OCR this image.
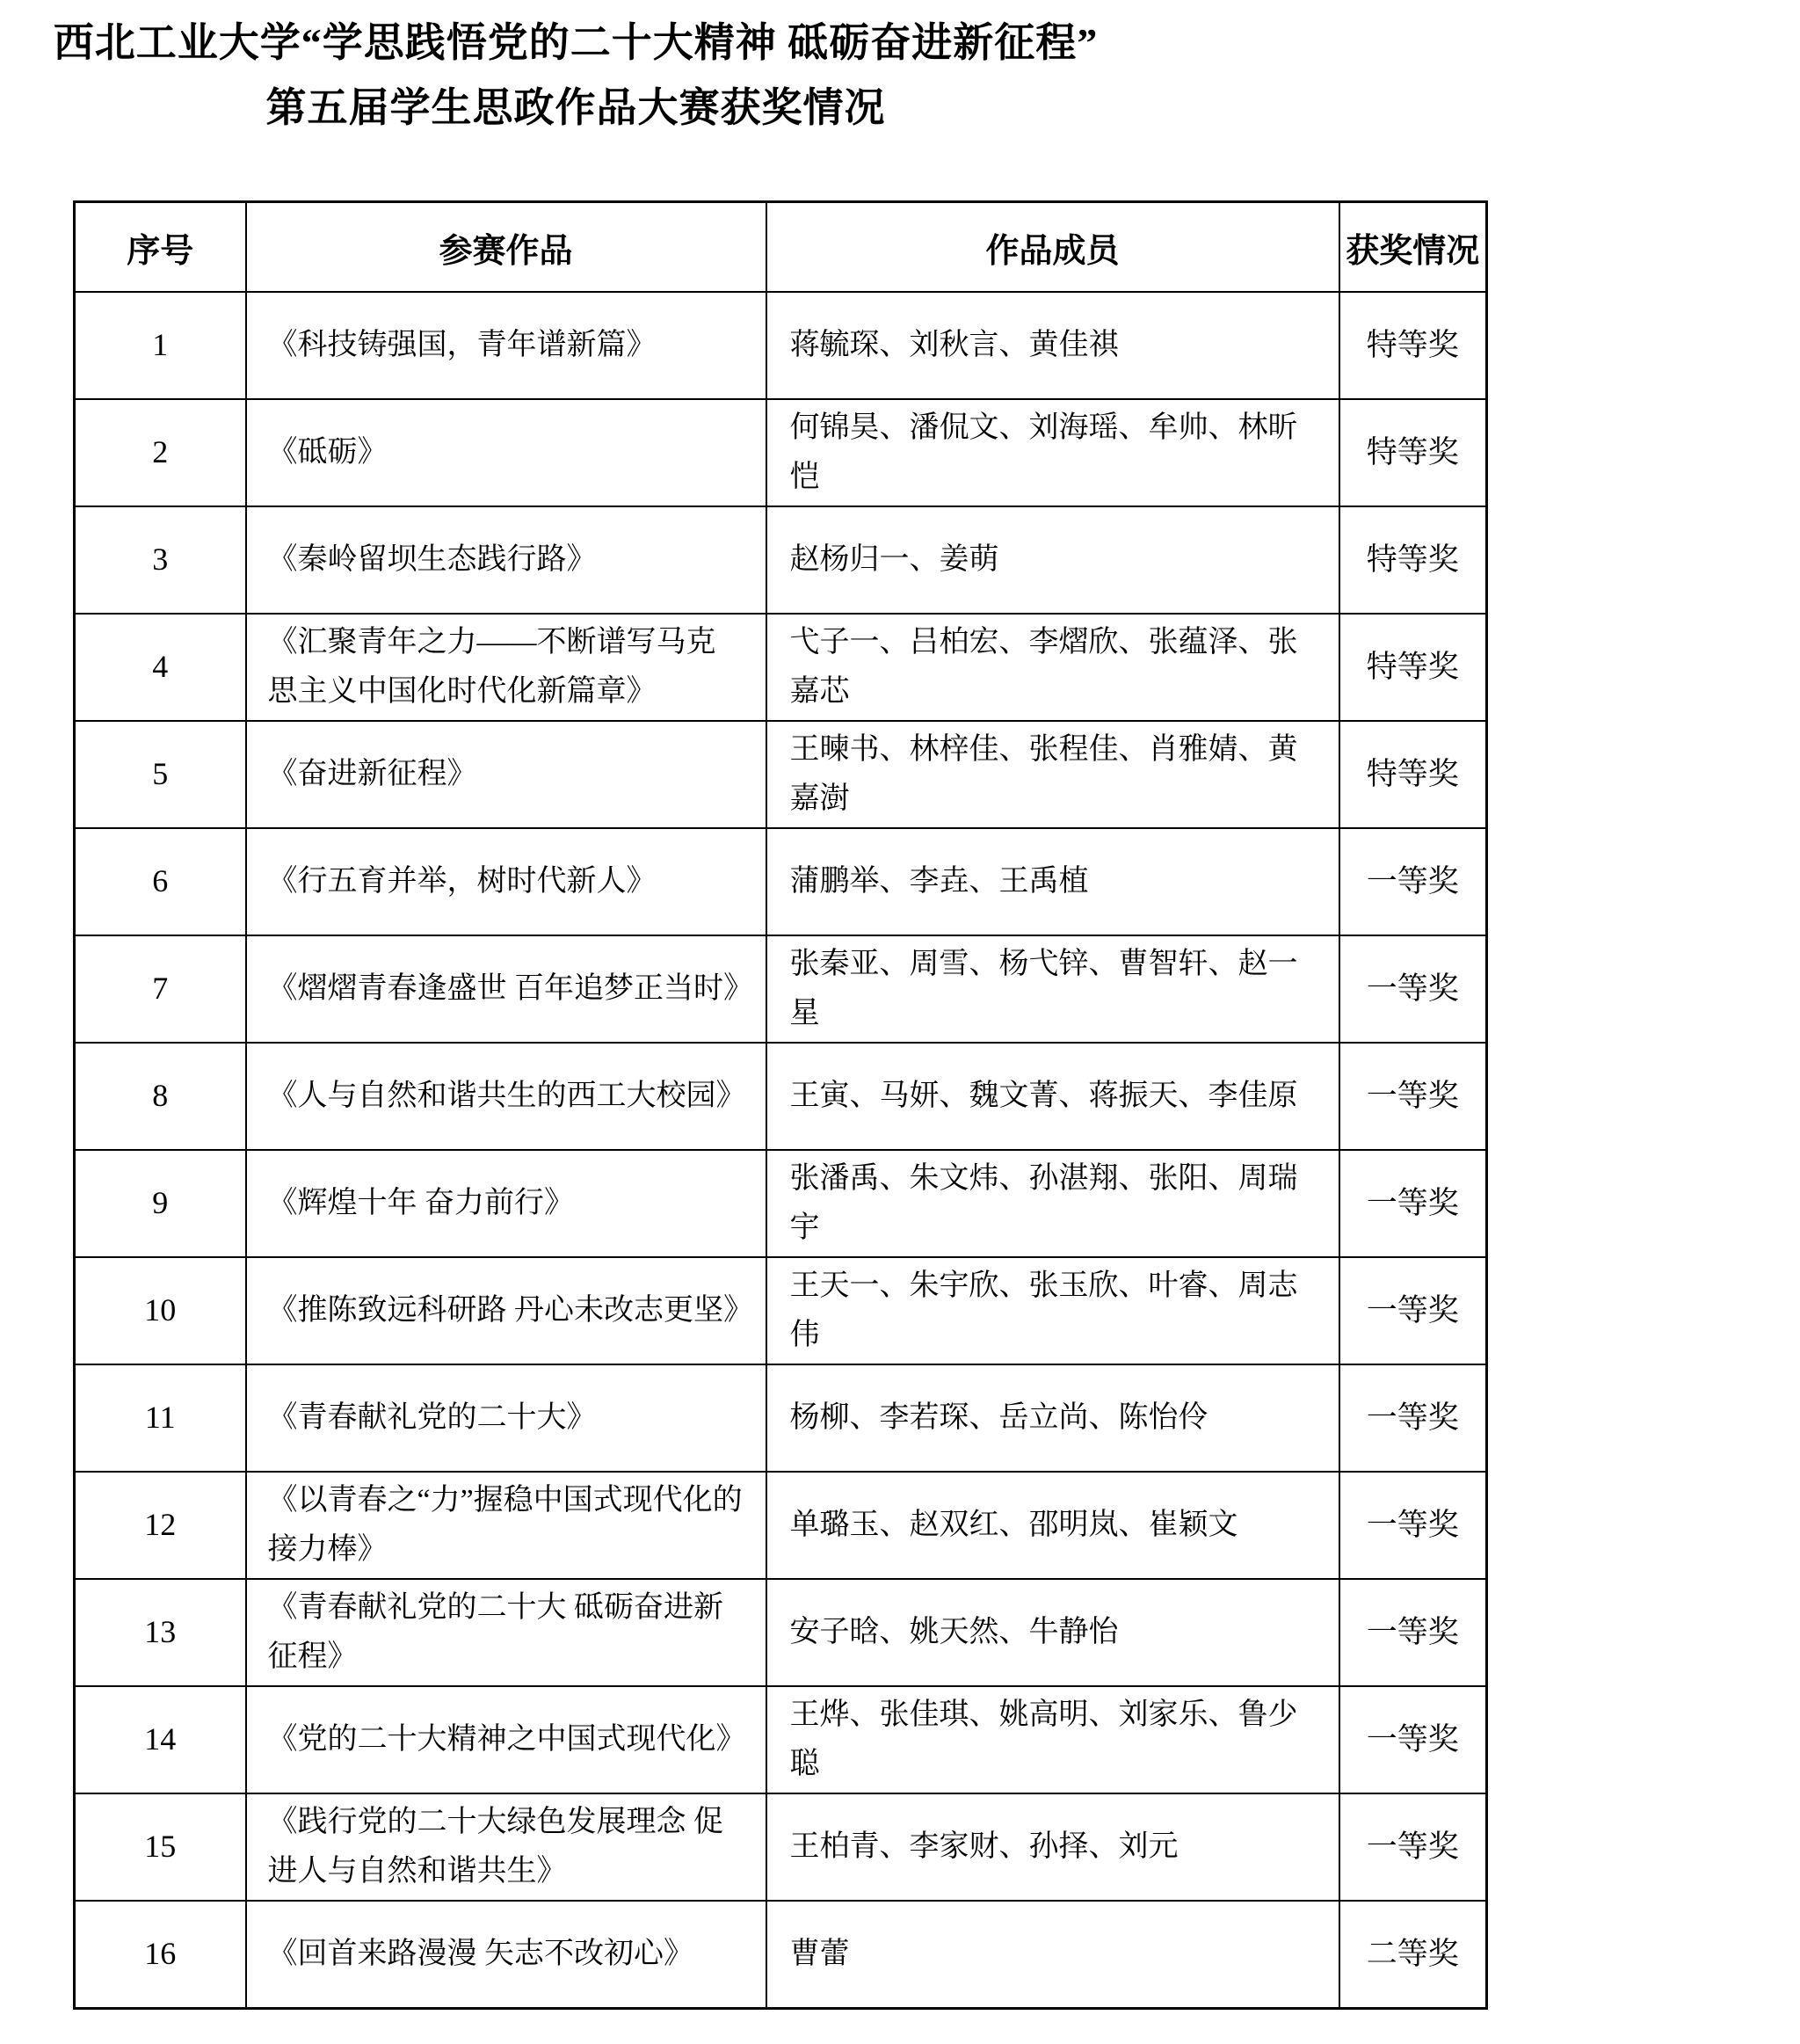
西北工业大学“学思践悟党的二十大精神 砥砺奋进新征程”
第五届学生思政作品大赛获奖情况
序号	参赛作品	作品成员	获奖情况
1	《科技铸强国，青年谱新篇》	蒋毓琛、刘秋言、黄佳祺	特等奖
2	《砥砺》	何锦昊、潘侃文、刘海瑶、牟帅、林昕恺	特等奖
3	《秦岭留坝生态践行路》	赵杨归一、姜萌	特等奖
4	《汇聚青年之力——不断谱写马克思主义中国化时代化新篇章》	弋子一、吕柏宏、李熠欣、张蕴泽、张嘉芯	特等奖
5	《奋进新征程》	王暕书、林梓佳、张程佳、肖雅婧、黄嘉澍	特等奖
6	《行五育并举，树时代新人》	蒲鹏举、李垚、王禹植	一等奖
7	《熠熠青春逢盛世 百年追梦正当时》	张秦亚、周雪、杨弋锌、曹智轩、赵一星	一等奖
8	《人与自然和谐共生的西工大校园》	王寅、马妍、魏文菁、蒋振天、李佳原	一等奖
9	《辉煌十年 奋力前行》	张潘禹、朱文炜、孙湛翔、张阳、周瑞宇	一等奖
10	《推陈致远科研路 丹心未改志更坚》	王天一、朱宇欣、张玉欣、叶睿、周志伟	一等奖
11	《青春献礼党的二十大》	杨柳、李若琛、岳立尚、陈怡伶	一等奖
12	《以青春之“力”握稳中国式现代化的接力棒》	单璐玉、赵双红、邵明岚、崔颖文	一等奖
13	《青春献礼党的二十大 砥砺奋进新征程》	安子晗、姚天然、牛静怡	一等奖
14	《党的二十大精神之中国式现代化》	王烨、张佳琪、姚高明、刘家乐、鲁少聪	一等奖
15	《践行党的二十大绿色发展理念 促进人与自然和谐共生》	王柏青、李家财、孙择、刘元	一等奖
16	《回首来路漫漫 矢志不改初心》	曹蕾	二等奖
